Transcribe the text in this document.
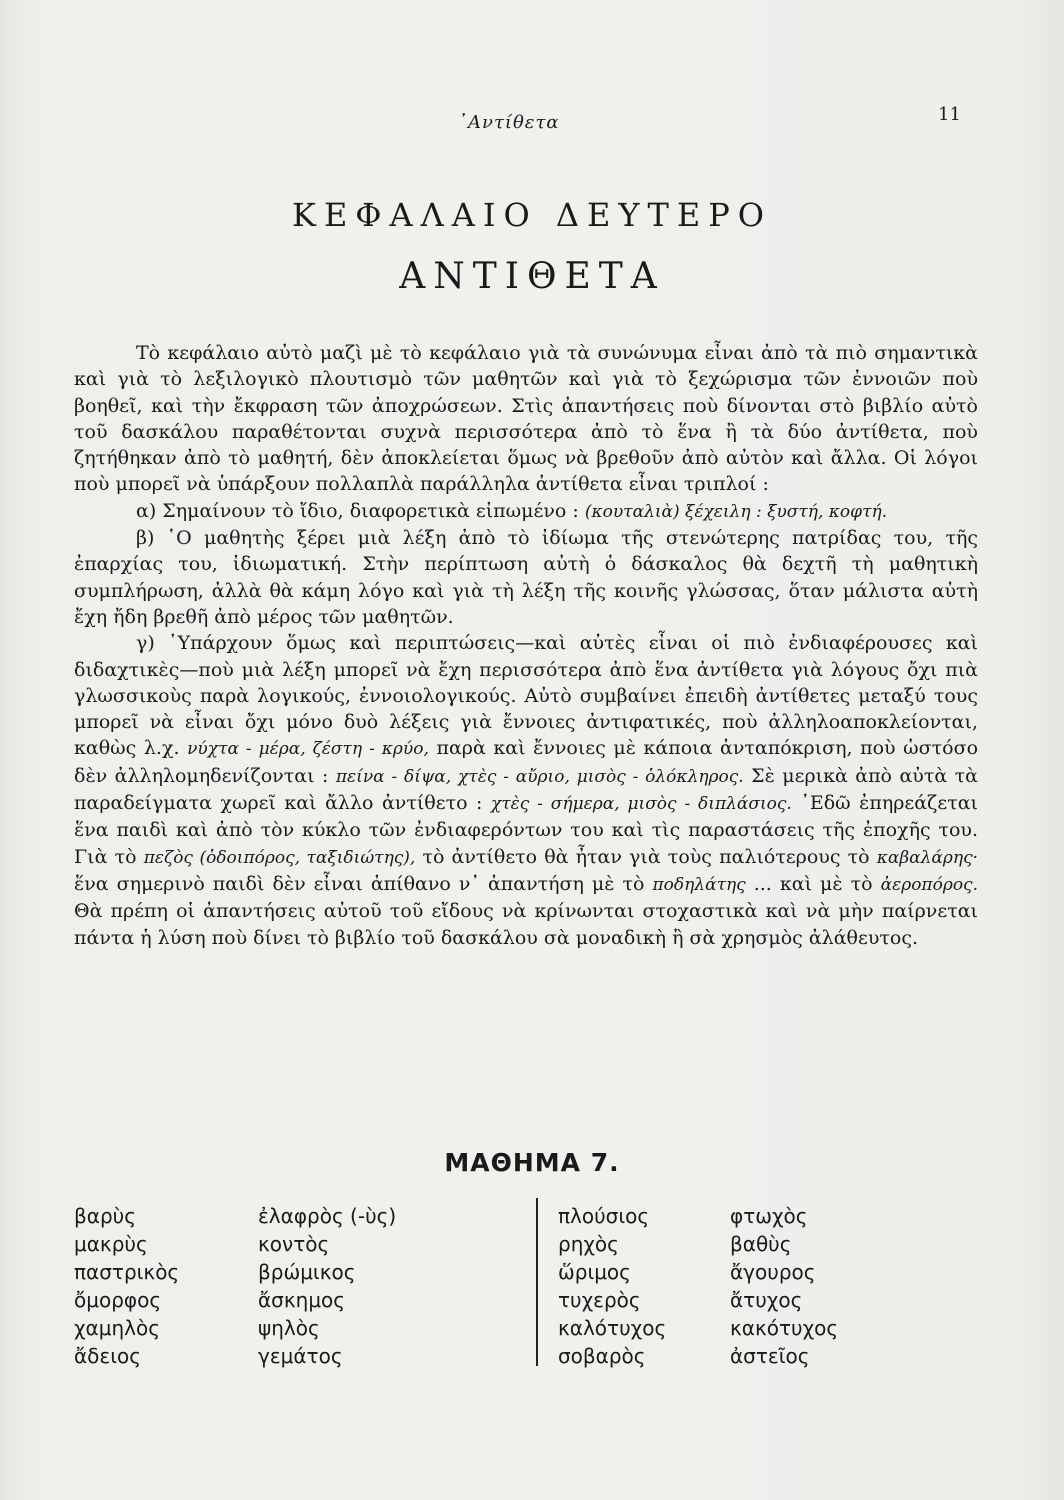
᾿Αντίθετα	11
ΚΕΦΑΛΑΙΟ ΔΕΥΤΕΡΟ
ΑΝΤΙΘΕΤΑ

Τὸ κεφάλαιο αὐτὸ μαζὶ μὲ τὸ κεφάλαιο γιὰ τὰ συνώνυμα εἶναι ἀπὸ τὰ πιὸ σημαντικὰ καὶ γιὰ τὸ λεξιλογικὸ πλουτισμὸ τῶν μαθητῶν καὶ γιὰ τὸ ξεχώρισμα τῶν ἐννοιῶν ποὺ βοηθεῖ, καὶ τὴν ἔκφραση τῶν ἀποχρώσεων. Στὶς ἀπαντήσεις ποὺ δίνονται στὸ βιβλίο αὐτὸ τοῦ δασκάλου παραθέτονται συχνὰ περισσότερα ἀπὸ τὸ ἕνα ἢ τὰ δύο ἀντίθετα, ποὺ ζητήθηκαν ἀπὸ τὸ μαθητή, δὲν ἀποκλείεται ὅμως νὰ βρεθοῦν ἀπὸ αὐτὸν καὶ ἄλλα. Οἱ λόγοι ποὺ μπορεῖ νὰ ὑπάρξουν πολλαπλὰ παράλληλα ἀντίθετα εἶναι τριπλοί :

α) Σημαίνουν τὸ ἴδιο, διαφορετικὰ εἰπωμένο : (κουταλιὰ) ξέχειλη : ξυστή, κοφτή.

β) ῾Ο μαθητὴς ξέρει μιὰ λέξη ἀπὸ τὸ ἰδίωμα τῆς στενώτερης πατρίδας του, τῆς ἐπαρχίας του, ἰδιωματική. Στὴν περίπτωση αὐτὴ ὁ δάσκαλος θὰ δεχτῆ τὴ μαθητικὴ συμπλήρωση, ἀλλὰ θὰ κάμη λόγο καὶ γιὰ τὴ λέξη τῆς κοινῆς γλώσσας, ὅταν μάλιστα αὐτὴ ἔχη ἤδη βρεθῆ ἀπὸ μέρος τῶν μαθητῶν.

γ) ῾Υπάρχουν ὅμως καὶ περιπτώσεις—καὶ αὐτὲς εἶναι οἱ πιὸ ἐνδιαφέρουσες καὶ διδαχτικὲς—ποὺ μιὰ λέξη μπορεῖ νὰ ἔχη περισσότερα ἀπὸ ἕνα ἀντίθετα γιὰ λόγους ὄχι πιὰ γλωσσικοὺς παρὰ λογικούς, ἐννοιολογικούς. Αὐτὸ συμβαίνει ἐπειδὴ ἀντίθετες μεταξύ τους μπορεῖ νὰ εἶναι ὄχι μόνο δυὸ λέξεις γιὰ ἔννοιες ἀντιφατικές, ποὺ ἀλληλοαποκλείονται, καθὼς λ.χ. νύχτα - μέρα, ζέστη - κρύο, παρὰ καὶ ἔννοιες μὲ κάποια ἀνταπόκριση, ποὺ ὡστόσο δὲν ἀλληλομηδενίζονται : πείνα - δίψα, χτὲς - αὔριο, μισὸς - ὁλόκληρος. Σὲ μερικὰ ἀπὸ αὐτὰ τὰ παραδείγματα χωρεῖ καὶ ἄλλο ἀντίθετο : χτὲς - σήμερα, μισὸς - διπλάσιος. ᾿Εδῶ ἐπηρεάζεται ἕνα παιδὶ καὶ ἀπὸ τὸν κύκλο τῶν ἐνδιαφερόντων του καὶ τὶς παραστάσεις τῆς ἐποχῆς του. Γιὰ τὸ πεζὸς (ὁδοιπόρος, ταξιδιώτης), τὸ ἀντίθετο θὰ ἦταν γιὰ τοὺς παλιότερους τὸ καβαλάρης· ἕνα σημερινὸ παιδὶ δὲν εἶναι ἀπίθανο ν᾿ ἀπαντήση μὲ τὸ ποδηλάτης ... καὶ μὲ τὸ ἀεροπόρος. Θὰ πρέπη οἱ ἀπαντήσεις αὐτοῦ τοῦ εἴδους νὰ κρίνωνται στοχαστικὰ καὶ νὰ μὴν παίρνεται πάντα ἡ λύση ποὺ δίνει τὸ βιβλίο τοῦ δασκάλου σὰ μοναδικὴ ἢ σὰ χρησμὸς ἀλάθευτος.

ΜΑΘΗΜΑ 7.
βαρὺς
μακρὺς
παστρικὸς
ὄμορφος
χαμηλὸς
ἄδειος
ἐλαφρὸς (-ὺς)
κοντὸς
βρώμικος
ἄσκημος
ψηλὸς
γεμάτος
πλούσιος
ρηχὸς
ὥριμος
τυχερὸς
καλότυχος
σοβαρὸς
φτωχὸς
βαθὺς
ἄγουρος
ἄτυχος
κακότυχος
ἀστεῖος
